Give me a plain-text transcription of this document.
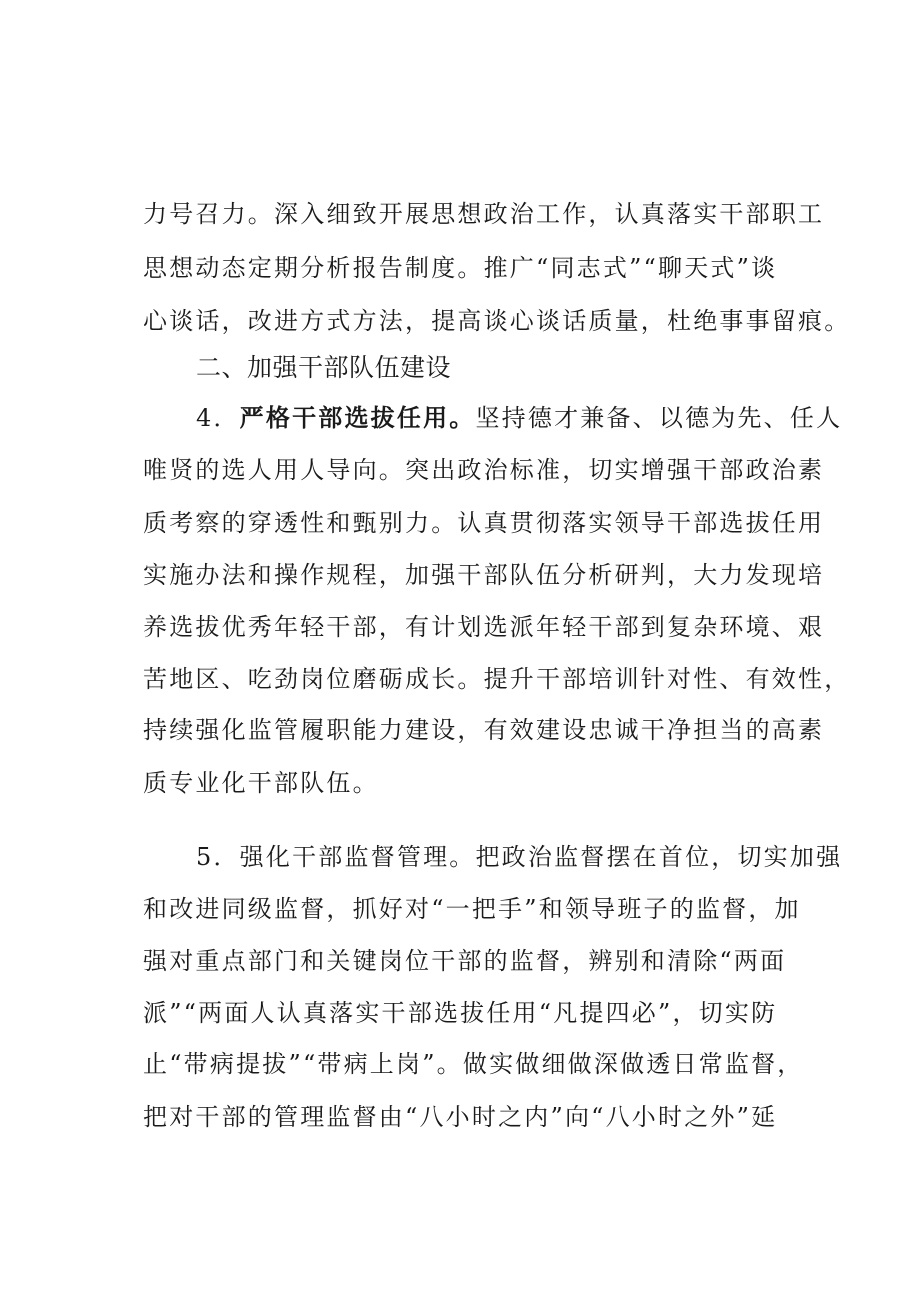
力号召力。深入细致开展思想政治工作，认真落实干部职工
思想动态定期分析报告制度。推广“同志式”“聊天式”谈
心谈话，改进方式方法，提高谈心谈话质量，杜绝事事留痕。
二、加强干部队伍建设
4．严格干部选拔任用。坚持德才兼备、以德为先、任人
唯贤的选人用人导向。突出政治标准，切实增强干部政治素
质考察的穿透性和甄别力。认真贯彻落实领导干部选拔任用
实施办法和操作规程，加强干部队伍分析研判，大力发现培
养选拔优秀年轻干部，有计划选派年轻干部到复杂环境、艰
苦地区、吃劲岗位磨砺成长。提升干部培训针对性、有效性，
持续强化监管履职能力建设，有效建设忠诚干净担当的高素
质专业化干部队伍。
5．强化干部监督管理。把政治监督摆在首位，切实加强
和改进同级监督，抓好对“一把手”和领导班子的监督，加
强对重点部门和关键岗位干部的监督，辨别和清除“两面
派”“两面人认真落实干部选拔任用“凡提四必”，切实防
止“带病提拔”“带病上岗”。做实做细做深做透日常监督，
把对干部的管理监督由“八小时之内”向“八小时之外”延
